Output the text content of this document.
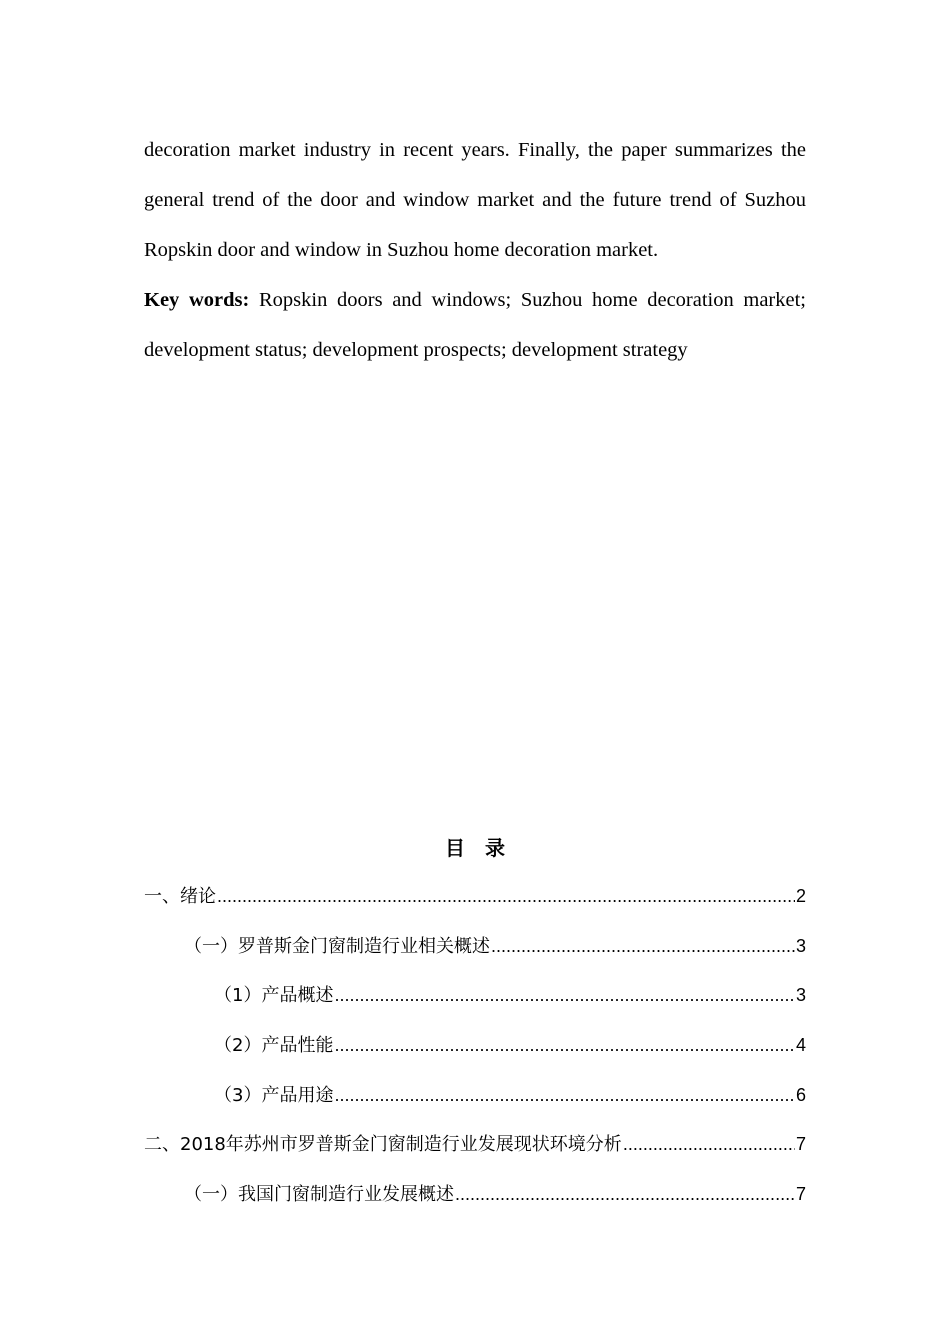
decoration market industry in recent years. Finally, the paper summarizes the general trend of the door and window market and the future trend of Suzhou Ropskin door and window in Suzhou home decoration market.

Key words: Ropskin doors and windows; Suzhou home decoration market; development status; development prospects; development strategy

目录
一、绪论 .....	2
（一）罗普斯金门窗制造行业相关概述 .....	3
（1）产品概述 .....	3
（2）产品性能 .....	4
（3）产品用途 .....	6
二、2018年苏州市罗普斯金门窗制造行业发展现状环境分析 .....	7
（一）我国门窗制造行业发展概述 .....	7
